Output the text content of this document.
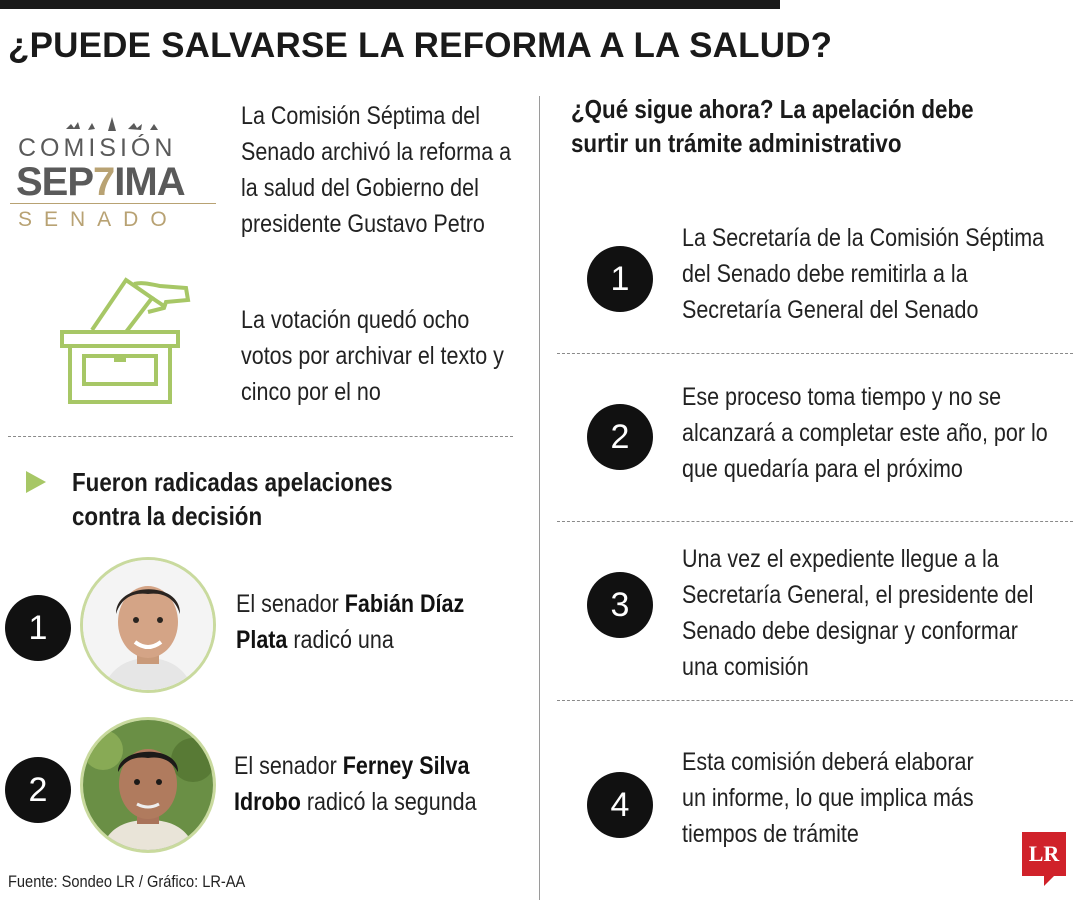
¿PUEDE SALVARSE LA REFORMA A LA SALUD?
COMISIÓN
SEP7IMA
SENADO
La Comisión Séptima del Senado archivó la reforma a la salud del Gobierno del presidente Gustavo Petro
La votación quedó ocho votos por archivar el texto y cinco por el no
Fueron radicadas apelaciones contra la decisión
1
El senador Fabián Díaz Plata radicó una
2
El senador Ferney Silva Idrobo radicó la segunda
Fuente: Sondeo LR / Gráfico: LR-AA
¿Qué sigue ahora? La apelación debe surtir un trámite administrativo
1
La Secretaría de la Comisión Séptima del Senado debe remitirla a la Secretaría General del Senado
2
Ese proceso toma tiempo y no se alcanzará a completar este año, por lo que quedaría para el próximo
3
Una vez el expediente llegue a la Secretaría General, el presidente del Senado debe designar y conformar una comisión
4
Esta comisión deberá elaborar un informe, lo que implica más tiempos de trámite
LR
